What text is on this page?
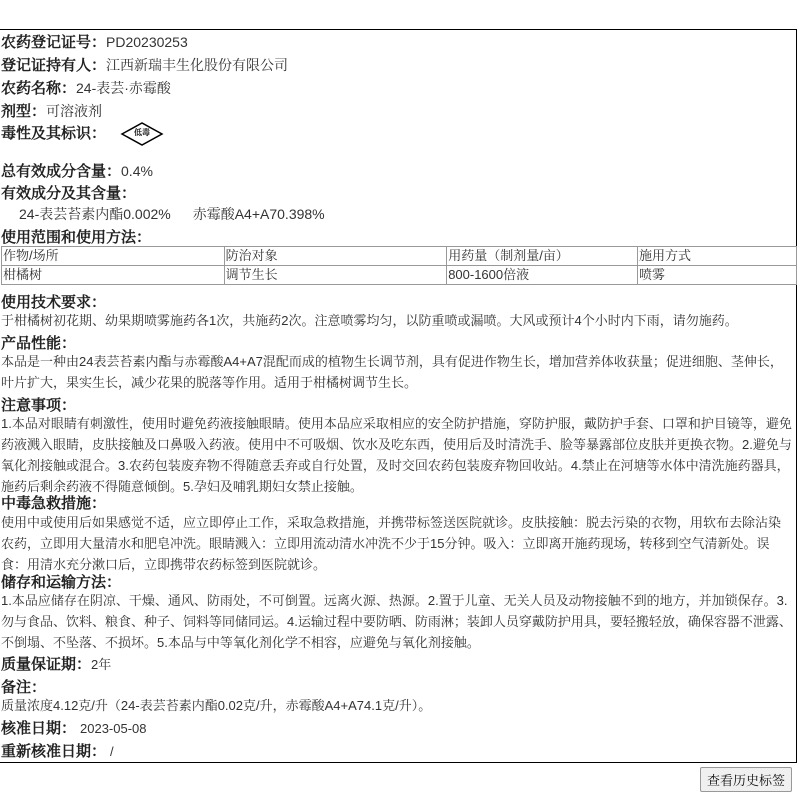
农药登记证号：PD20230253
登记证持有人：江西新瑞丰生化股份有限公司
农药名称：24-表芸·赤霉酸
剂型：可溶液剂
毒性及其标识：	低毒
总有效成分含量：0.4%
有效成分及其含量：
24-表芸苔素内酯0.002% 赤霉酸A4+A70.398%
使用范围和使用方法：
作物/场所	防治对象	用药量（制剂量/亩）	施用方式
柑橘树	调节生长	800-1600倍液	喷雾
使用技术要求：
于柑橘树初花期、幼果期喷雾施药各1次，共施药2次。注意喷雾均匀，以防重喷或漏喷。大风或预计4个小时内下雨，请勿施药。
产品性能：
本品是一种由24表芸苔素内酯与赤霉酸A4+A7混配而成的植物生长调节剂，具有促进作物生长，增加营养体收获量；促进细胞、茎伸长，叶片扩大，果实生长，减少花果的脱落等作用。适用于柑橘树调节生长。
注意事项：
1.本品对眼睛有刺激性，使用时避免药液接触眼睛。使用本品应采取相应的安全防护措施，穿防护服，戴防护手套、口罩和护目镜等，避免药液溅入眼睛，皮肤接触及口鼻吸入药液。使用中不可吸烟、饮水及吃东西，使用后及时清洗手、脸等暴露部位皮肤并更换衣物。2.避免与氧化剂接触或混合。3.农药包装废弃物不得随意丢弃或自行处置，及时交回农药包装废弃物回收站。4.禁止在河塘等水体中清洗施药器具，施药后剩余药液不得随意倾倒。5.孕妇及哺乳期妇女禁止接触。
中毒急救措施：
使用中或使用后如果感觉不适，应立即停止工作，采取急救措施，并携带标签送医院就诊。皮肤接触：脱去污染的衣物，用软布去除沾染农药，立即用大量清水和肥皂冲洗。眼睛溅入：立即用流动清水冲洗不少于15分钟。吸入：立即离开施药现场，转移到空气清新处。误食：用清水充分漱口后，立即携带农药标签到医院就诊。
储存和运输方法：
1.本品应储存在阴凉、干燥、通风、防雨处，不可倒置。远离火源、热源。2.置于儿童、无关人员及动物接触不到的地方，并加锁保存。3.勿与食品、饮料、粮食、种子、饲料等同储同运。4.运输过程中要防晒、防雨淋；装卸人员穿戴防护用具，要轻搬轻放，确保容器不泄露、不倒塌、不坠落、不损坏。5.本品与中等氧化剂化学不相容，应避免与氧化剂接触。
质量保证期：2年
备注：
质量浓度4.12克/升（24-表芸苔素内酯0.02克/升，赤霉酸A4+A74.1克/升）。
核准日期： 2023-05-08
重新核准日期： /
查看历史标签
